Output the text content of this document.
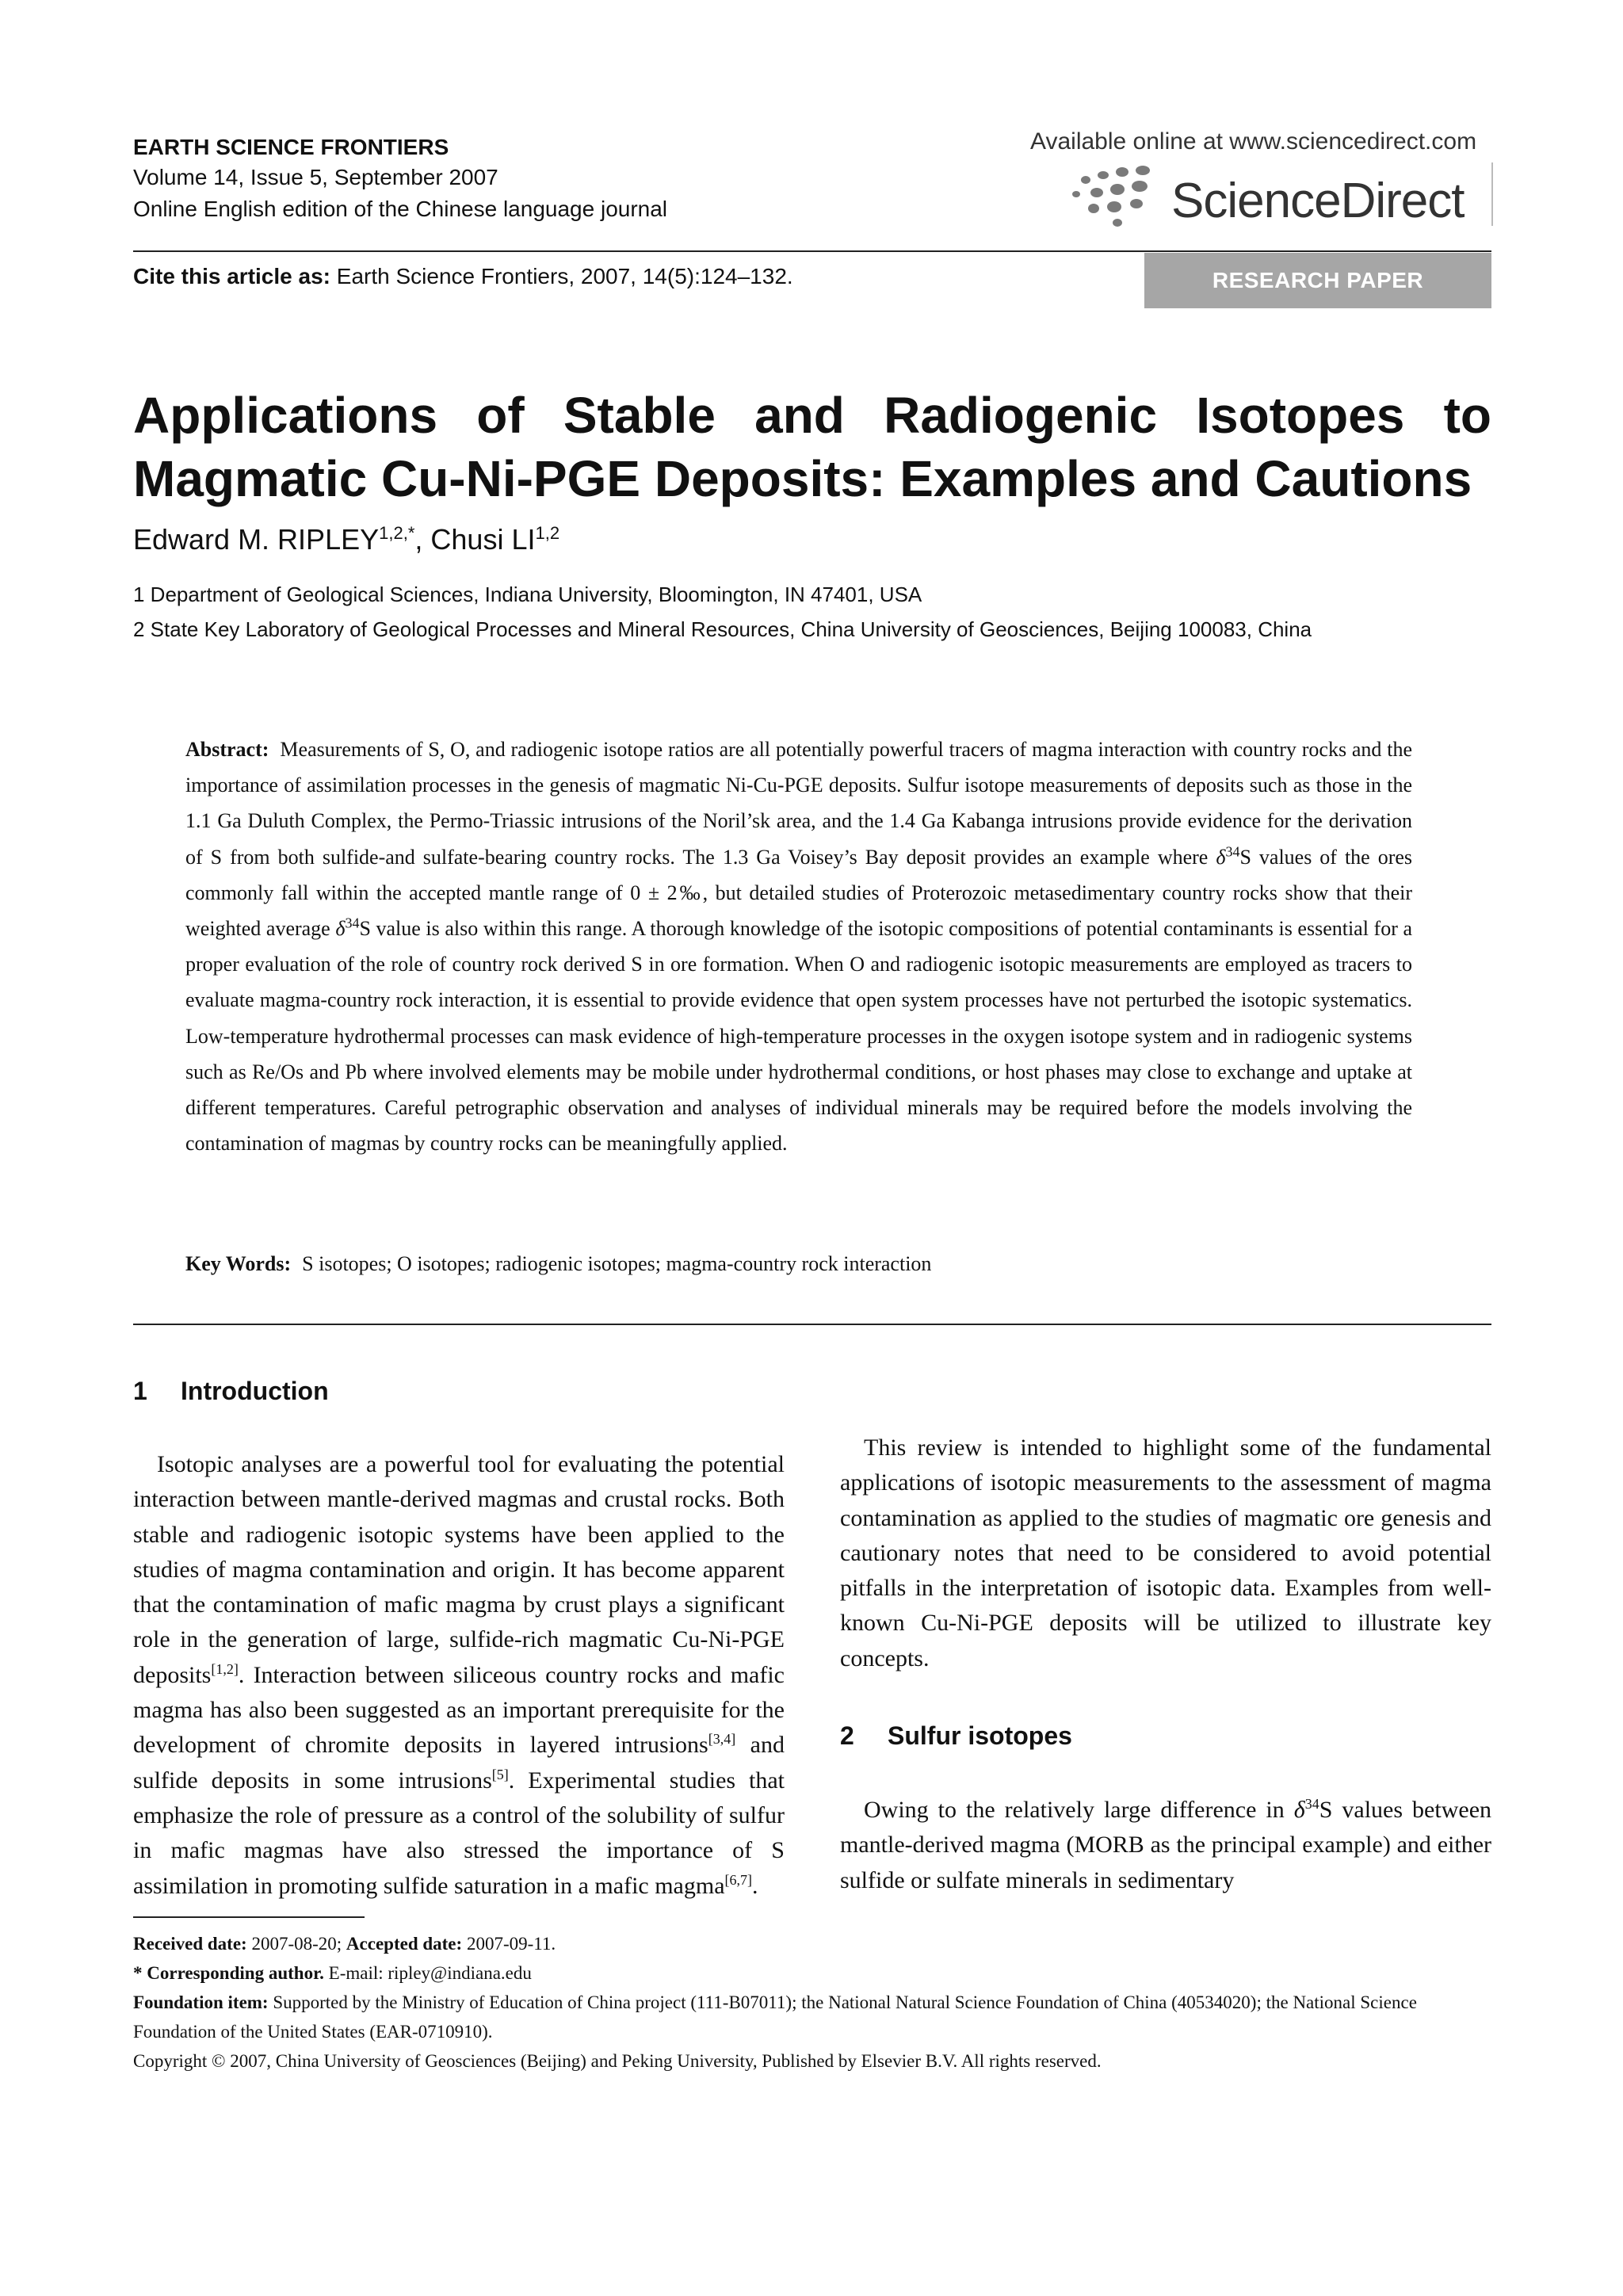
EARTH SCIENCE FRONTIERS
Volume 14, Issue 5, September 2007
Online English edition of the Chinese language journal
Available online at www.sciencedirect.com
ScienceDirect
Cite this article as: Earth Science Frontiers, 2007, 14(5):124–132.	RESEARCH PAPER
Applications of Stable and Radiogenic Isotopes to
Magmatic Cu-Ni-PGE Deposits: Examples and Cautions
Edward M. $RIPLEY^{1,2,*}$, Chusi LI$^{1,2}$
1 Department of Geological Sciences, Indiana University, Bloomington, IN 47401, USA
2 State Key Laboratory of Geological Processes and Mineral Resources, China University of Geosciences, Beijing 100083, China
Abstract: Measurements of S, O, and radiogenic isotope ratios are all potentially powerful tracers of magma interaction with country rocks and the importance of assimilation processes in the genesis of magmatic Ni-Cu-PGE deposits. Sulfur isotope measurements of deposits such as those in the 1.1 Ga Duluth Complex, the Permo-Triassic intrusions of the Noril’sk area, and the 1.4 Ga Kabanga intrusions provide evidence for the derivation of S from both sulfide-and sulfate-bearing country rocks. The 1.3 Ga Voisey’s Bay deposit provides an example where δ$^{34}$S values of the ores commonly fall within the accepted mantle range of 0 ± 2‰, but detailed studies of Proterozoic metasedimentary country rocks show that their weighted average δ$^{34}$S value is also within this range. A thorough knowledge of the isotopic compositions of potential contaminants is essential for a proper evaluation of the role of country rock derived S in ore formation. When O and radiogenic isotopic measurements are employed as tracers to evaluate magma-country rock interaction, it is essential to provide evidence that open system processes have not perturbed the isotopic systematics. Low-temperature hydrothermal processes can mask evidence of high-temperature processes in the oxygen isotope system and in radiogenic systems such as Re/Os and Pb where involved elements may be mobile under hydrothermal conditions, or host phases may close to exchange and uptake at different temperatures. Careful petrographic observation and analyses of individual minerals may be required before the models involving the contamination of magmas by country rocks can be meaningfully applied.
Key Words: S isotopes; O isotopes; radiogenic isotopes; magma-country rock interaction
1 Introduction

Isotopic analyses are a powerful tool for evaluating the potential interaction between mantle-derived magmas and crustal rocks. Both stable and radiogenic isotopic systems have been applied to the studies of magma contamination and origin. It has become apparent that the contamination of mafic magma by crust plays a significant role in the generation of large, sulfide-rich magmatic Cu-Ni-PGE deposits[1,2]. Interaction between siliceous country rocks and mafic magma has also been suggested as an important prerequisite for the development of chromite deposits in layered intrusions[3,4] and sulfide deposits in some intrusions[5]. Experimental studies that emphasize the role of pressure as a control of the solubility of sulfur in mafic magmas have also stressed the importance of S assimilation in promoting sulfide saturation in a mafic magma[6,7].

This review is intended to highlight some of the fundamental applications of isotopic measurements to the assessment of magma contamination as applied to the studies of magmatic ore genesis and cautionary notes that need to be considered to avoid potential pitfalls in the interpretation of isotopic data. Examples from well-known Cu-Ni-PGE deposits will be utilized to illustrate key concepts.

2 Sulfur isotopes

Owing to the relatively large difference in δ$^{34}$S values between mantle-derived magma (MORB as the principal example) and either sulfide or sulfate minerals in sedimentary

Received date: 2007-08-20; Accepted date: 2007-09-11.
* Corresponding author. E-mail: ripley@indiana.edu
Foundation item: Supported by the Ministry of Education of China project (111-B07011); the National Natural Science Foundation of China (40534020); the National Science Foundation of the United States (EAR-0710910).
Copyright © 2007, China University of Geosciences (Beijing) and Peking University, Published by Elsevier B.V. All rights reserved.
